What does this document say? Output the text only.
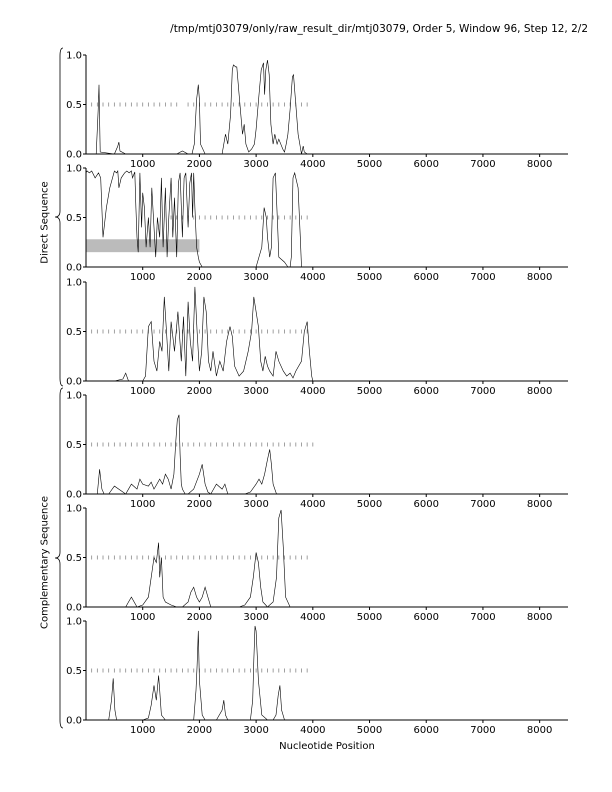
/tmp/mtj03079/only/raw_result_dir/mtj03079, Order 5, Window 96, Step 12, 2/2
0.0
0.5
1.0
1000	2000	3000	4000	5000	6000	7000	8000
0.0
0.5
1.0
1000	2000	3000	4000	5000	6000	7000	8000
0.0
0.5
1.0
1000	2000	3000	4000	5000	6000	7000	8000
0.0
0.5
1.0
1000	2000	3000	4000	5000	6000	7000	8000
0.0
0.5
1.0
1000	2000	3000	4000	5000	6000	7000	8000
0.0
0.5
1.0
1000	2000	3000	4000	5000	6000	7000	8000
Nucleotide Position
Direct Sequence
Complementary Sequence
